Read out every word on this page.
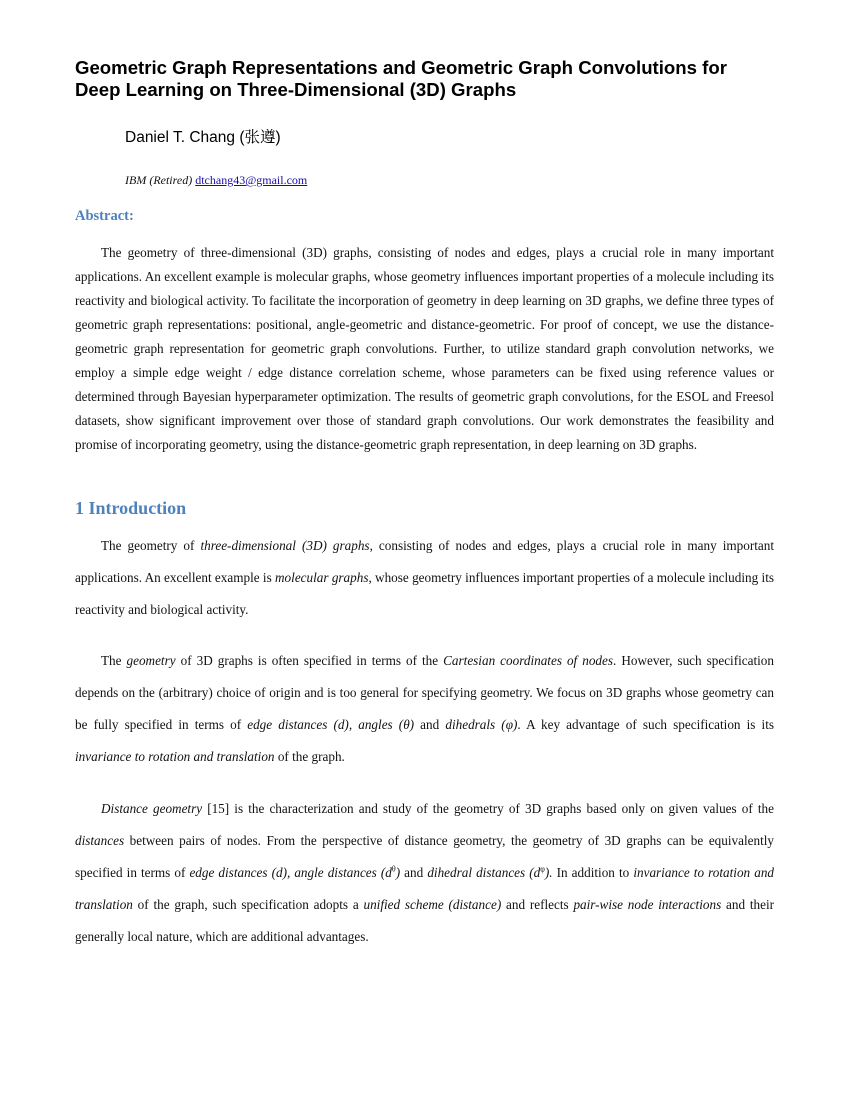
Geometric Graph Representations and Geometric Graph Convolutions for Deep Learning on Three-Dimensional (3D) Graphs
Daniel T. Chang (张遵)
IBM (Retired) dtchang43@gmail.com
Abstract:

The geometry of three-dimensional (3D) graphs, consisting of nodes and edges, plays a crucial role in many important applications. An excellent example is molecular graphs, whose geometry influences important properties of a molecule including its reactivity and biological activity. To facilitate the incorporation of geometry in deep learning on 3D graphs, we define three types of geometric graph representations: positional, angle-geometric and distance-geometric. For proof of concept, we use the distance-geometric graph representation for geometric graph convolutions. Further, to utilize standard graph convolution networks, we employ a simple edge weight / edge distance correlation scheme, whose parameters can be fixed using reference values or determined through Bayesian hyperparameter optimization. The results of geometric graph convolutions, for the ESOL and Freesol datasets, show significant improvement over those of standard graph convolutions. Our work demonstrates the feasibility and promise of incorporating geometry, using the distance-geometric graph representation, in deep learning on 3D graphs.

1 Introduction

The geometry of three-dimensional (3D) graphs, consisting of nodes and edges, plays a crucial role in many important applications. An excellent example is molecular graphs, whose geometry influences important properties of a molecule including its reactivity and biological activity.

The geometry of 3D graphs is often specified in terms of the Cartesian coordinates of nodes. However, such specification depends on the (arbitrary) choice of origin and is too general for specifying geometry. We focus on 3D graphs whose geometry can be fully specified in terms of edge distances (d), angles (θ) and dihedrals (φ). A key advantage of such specification is its invariance to rotation and translation of the graph.

Distance geometry [15] is the characterization and study of the geometry of 3D graphs based only on given values of the distances between pairs of nodes. From the perspective of distance geometry, the geometry of 3D graphs can be equivalently specified in terms of edge distances (d), angle distances $(d^\theta)$ and dihedral distances $(d^\varphi)$. In addition to invariance to rotation and translation of the graph, such specification adopts a unified scheme (distance) and reflects pair-wise node interactions and their generally local nature, which are additional advantages.
